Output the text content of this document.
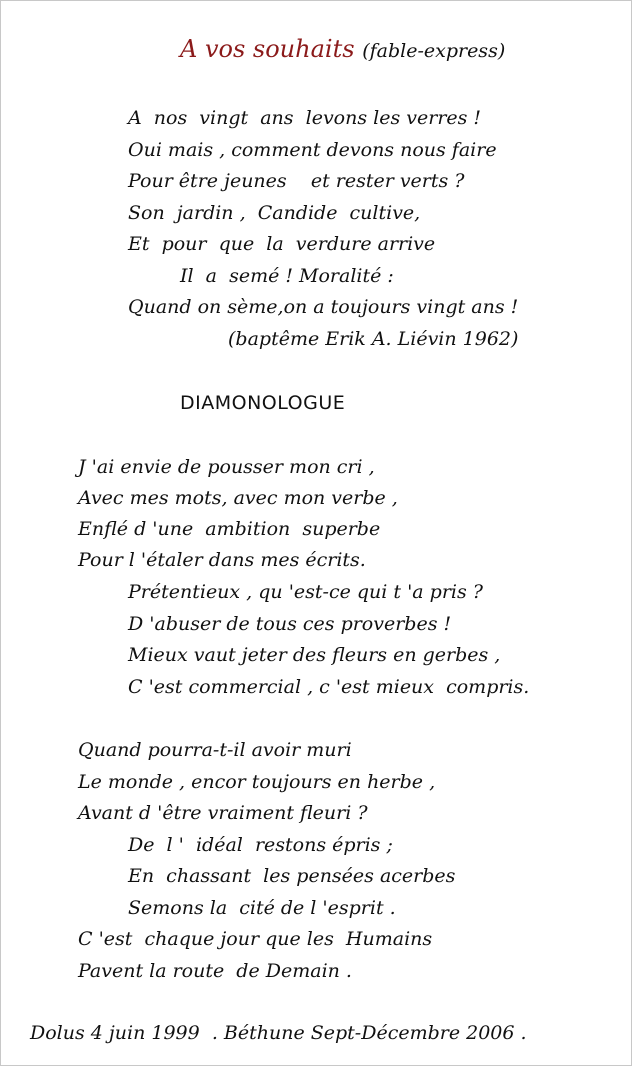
A vos souhaits (fable-express)
A  nos  vingt  ans  levons les verres !
Oui mais , comment devons nous faire
Pour être jeunes    et rester verts ?
Son  jardin ,  Candide  cultive,
Et  pour  que  la  verdure arrive
Il  a  semé ! Moralité :
Quand on sème,on a toujours vingt ans !
(baptême Erik A. Liévin 1962)
DIAMONOLOGUE
J 'ai envie de pousser mon cri ,
Avec mes mots, avec mon verbe ,
Enflé d 'une  ambition  superbe
Pour l 'étaler dans mes écrits.
Prétentieux , qu 'est-ce qui t 'a pris ?
D 'abuser de tous ces proverbes !
Mieux vaut jeter des fleurs en gerbes ,
C 'est commercial , c 'est mieux  compris.
Quand pourra-t-il avoir muri
Le monde , encor toujours en herbe ,
Avant d 'être vraiment fleuri ?
De  l '  idéal  restons épris ;
En  chassant  les pensées acerbes
Semons la  cité de l 'esprit .
C 'est  chaque jour que les  Humains
Pavent la route  de Demain .
Dolus 4 juin 1999  . Béthune Sept-Décembre 2006 .
